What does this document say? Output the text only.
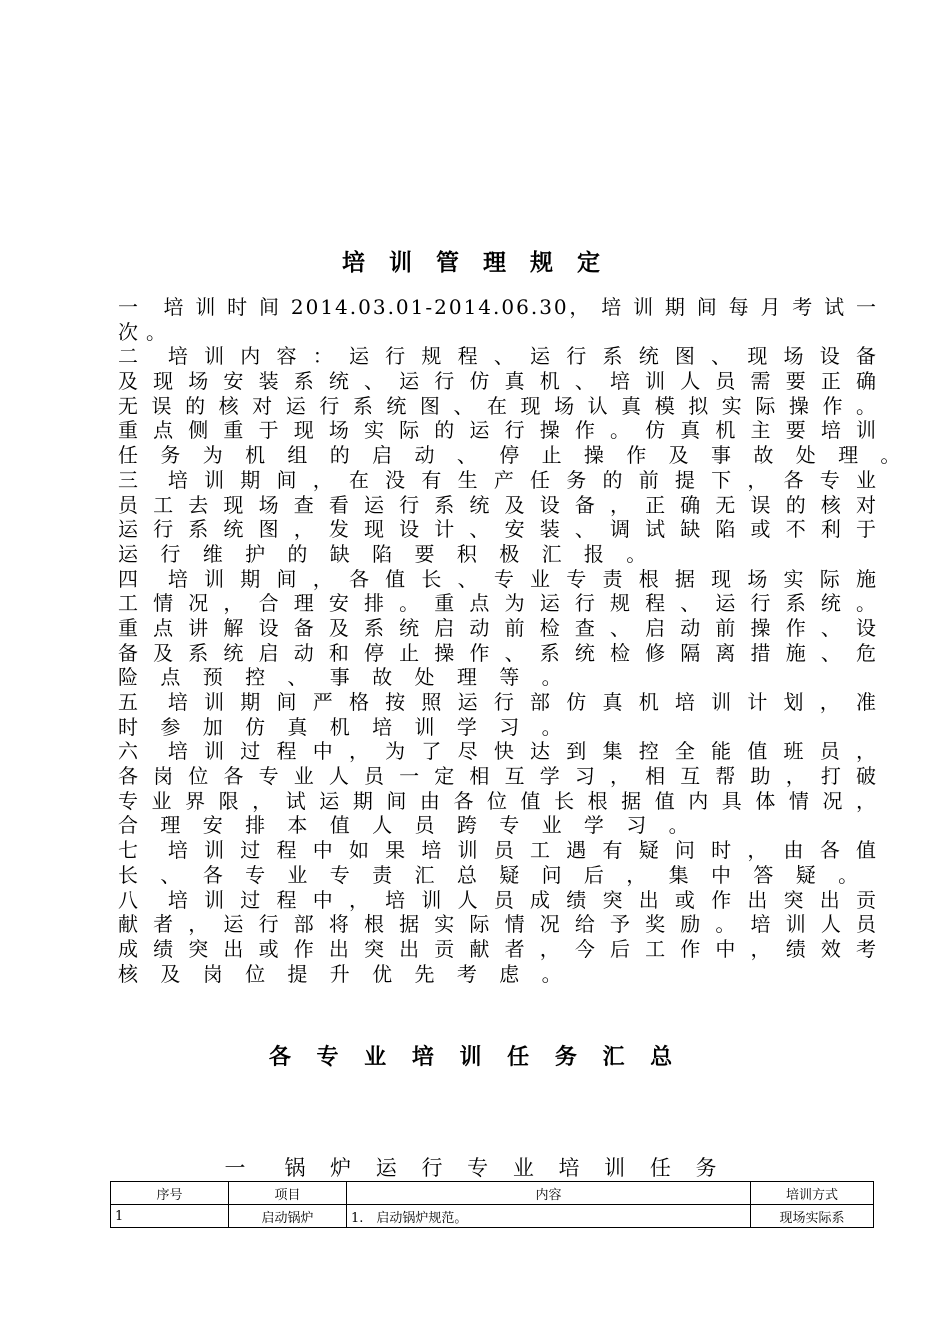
培 训 管 理 规 定
一　培 训 时 间 2014.03.01-2014.06.30， 培 训 期 间 每 月 考 试 一
次。
二　培 训 内 容 ： 运 行 规 程 、 运 行 系 统 图 、 现 场 设 备
及 现 场 安 装 系 统 、 运 行 仿 真 机 、 培 训 人 员 需 要 正 确
无 误 的 核 对 运 行 系 统 图 、 在 现 场 认 真 模 拟 实 际 操 作 。
重 点 侧 重 于 现 场 实 际 的 运 行 操 作 。 仿 真 机 主 要 培 训
任 务 为 机 组 的 启 动 、 停 止 操 作 及 事 故 处 理 。
三　培 训 期 间 ， 在 没 有 生 产 任 务 的 前 提 下 ， 各 专 业
员 工 去 现 场 查 看 运 行 系 统 及 设 备 ， 正 确 无 误 的 核 对
运 行 系 统 图 ， 发 现 设 计 、 安 装 、 调 试 缺 陷 或 不 利 于
运 行 维 护 的 缺 陷 要 积 极 汇 报 。
四　培 训 期 间 ， 各 值 长 、 专 业 专 责 根 据 现 场 实 际 施
工 情 况 ， 合 理 安 排 。 重 点 为 运 行 规 程 、 运 行 系 统 。
重 点 讲 解 设 备 及 系 统 启 动 前 检 查 、 启 动 前 操 作 、 设
备 及 系 统 启 动 和 停 止 操 作 、 系 统 检 修 隔 离 措 施 、 危
险 点 预 控 、 事 故 处 理 等 。
五　培 训 期 间 严 格 按 照 运 行 部 仿 真 机 培 训 计 划 ， 准
时 参 加 仿 真 机 培 训 学 习 。
六　培 训 过 程 中 ， 为 了 尽 快 达 到 集 控 全 能 值 班 员 ，
各 岗 位 各 专 业 人 员 一 定 相 互 学 习 ， 相 互 帮 助 ， 打 破
专 业 界 限 ， 试 运 期 间 由 各 位 值 长 根 据 值 内 具 体 情 况 ，
合 理 安 排 本 值 人 员 跨 专 业 学 习 。
七　培 训 过 程 中 如 果 培 训 员 工 遇 有 疑 问 时 ， 由 各 值
长 、 各 专 业 专 责 汇 总 疑 问 后 ， 集 中 答 疑 。
八　培 训 过 程 中 ， 培 训 人 员 成 绩 突 出 或 作 出 突 出 贡
献 者 ， 运 行 部 将 根 据 实 际 情 况 给 予 奖 励 。 培 训 人 员
成 绩 突 出 或 作 出 突 出 贡 献 者 ， 今 后 工 作 中 ， 绩 效 考
核 及 岗 位 提 升 优 先 考 虑 。
各 专 业 培 训 任 务 汇 总
一　锅 炉 运 行 专 业 培 训 任 务
序号	项目	内容	培训方式
1	启动锅炉	1.　启动锅炉规范。	现场实际系
